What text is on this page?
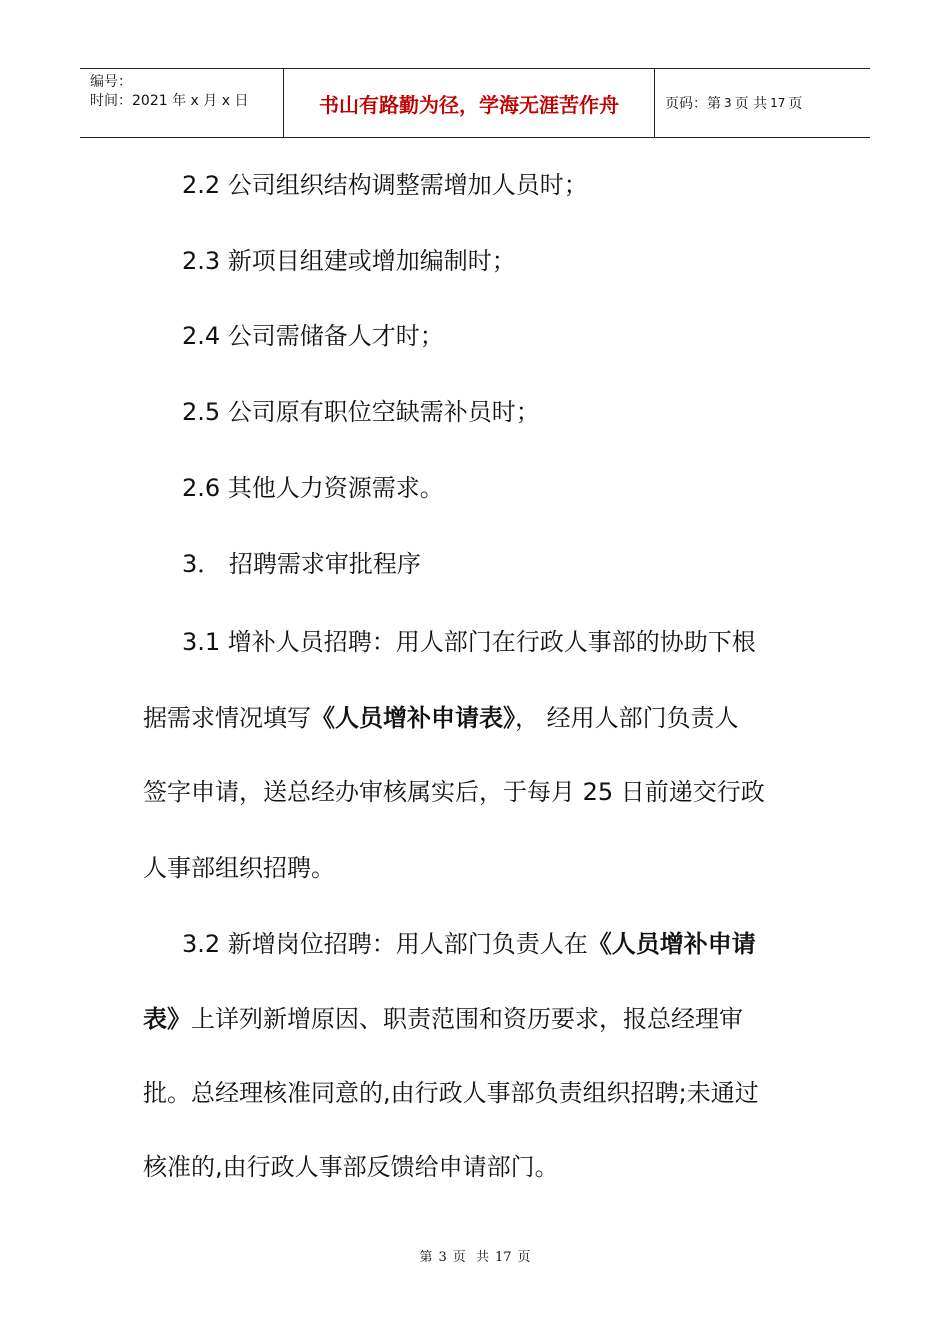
编号：
时间：2021 年 x 月 x 日	书山有路勤为径，学海无涯苦作舟	页码：第 3 页 共 17 页
2.2 公司组织结构调整需增加人员时；
2.3 新项目组建或增加编制时；
2.4 公司需储备人才时；
2.5 公司原有职位空缺需补员时；
2.6 其他人力资源需求。
3． 招聘需求审批程序
3.1 增补人员招聘：用人部门在行政人事部的协助下根
据需求情况填写《人员增补申请表》， 经用人部门负责人
签字申请，送总经办审核属实后，于每月 25 日前递交行政
人事部组织招聘。
3.2 新增岗位招聘：用人部门负责人在《人员增补申请
表》上详列新增原因、职责范围和资历要求，报总经理审
批。总经理核准同意的,由行政人事部负责组织招聘;未通过
核准的,由行政人事部反馈给申请部门。
第 3 页 共 17 页
